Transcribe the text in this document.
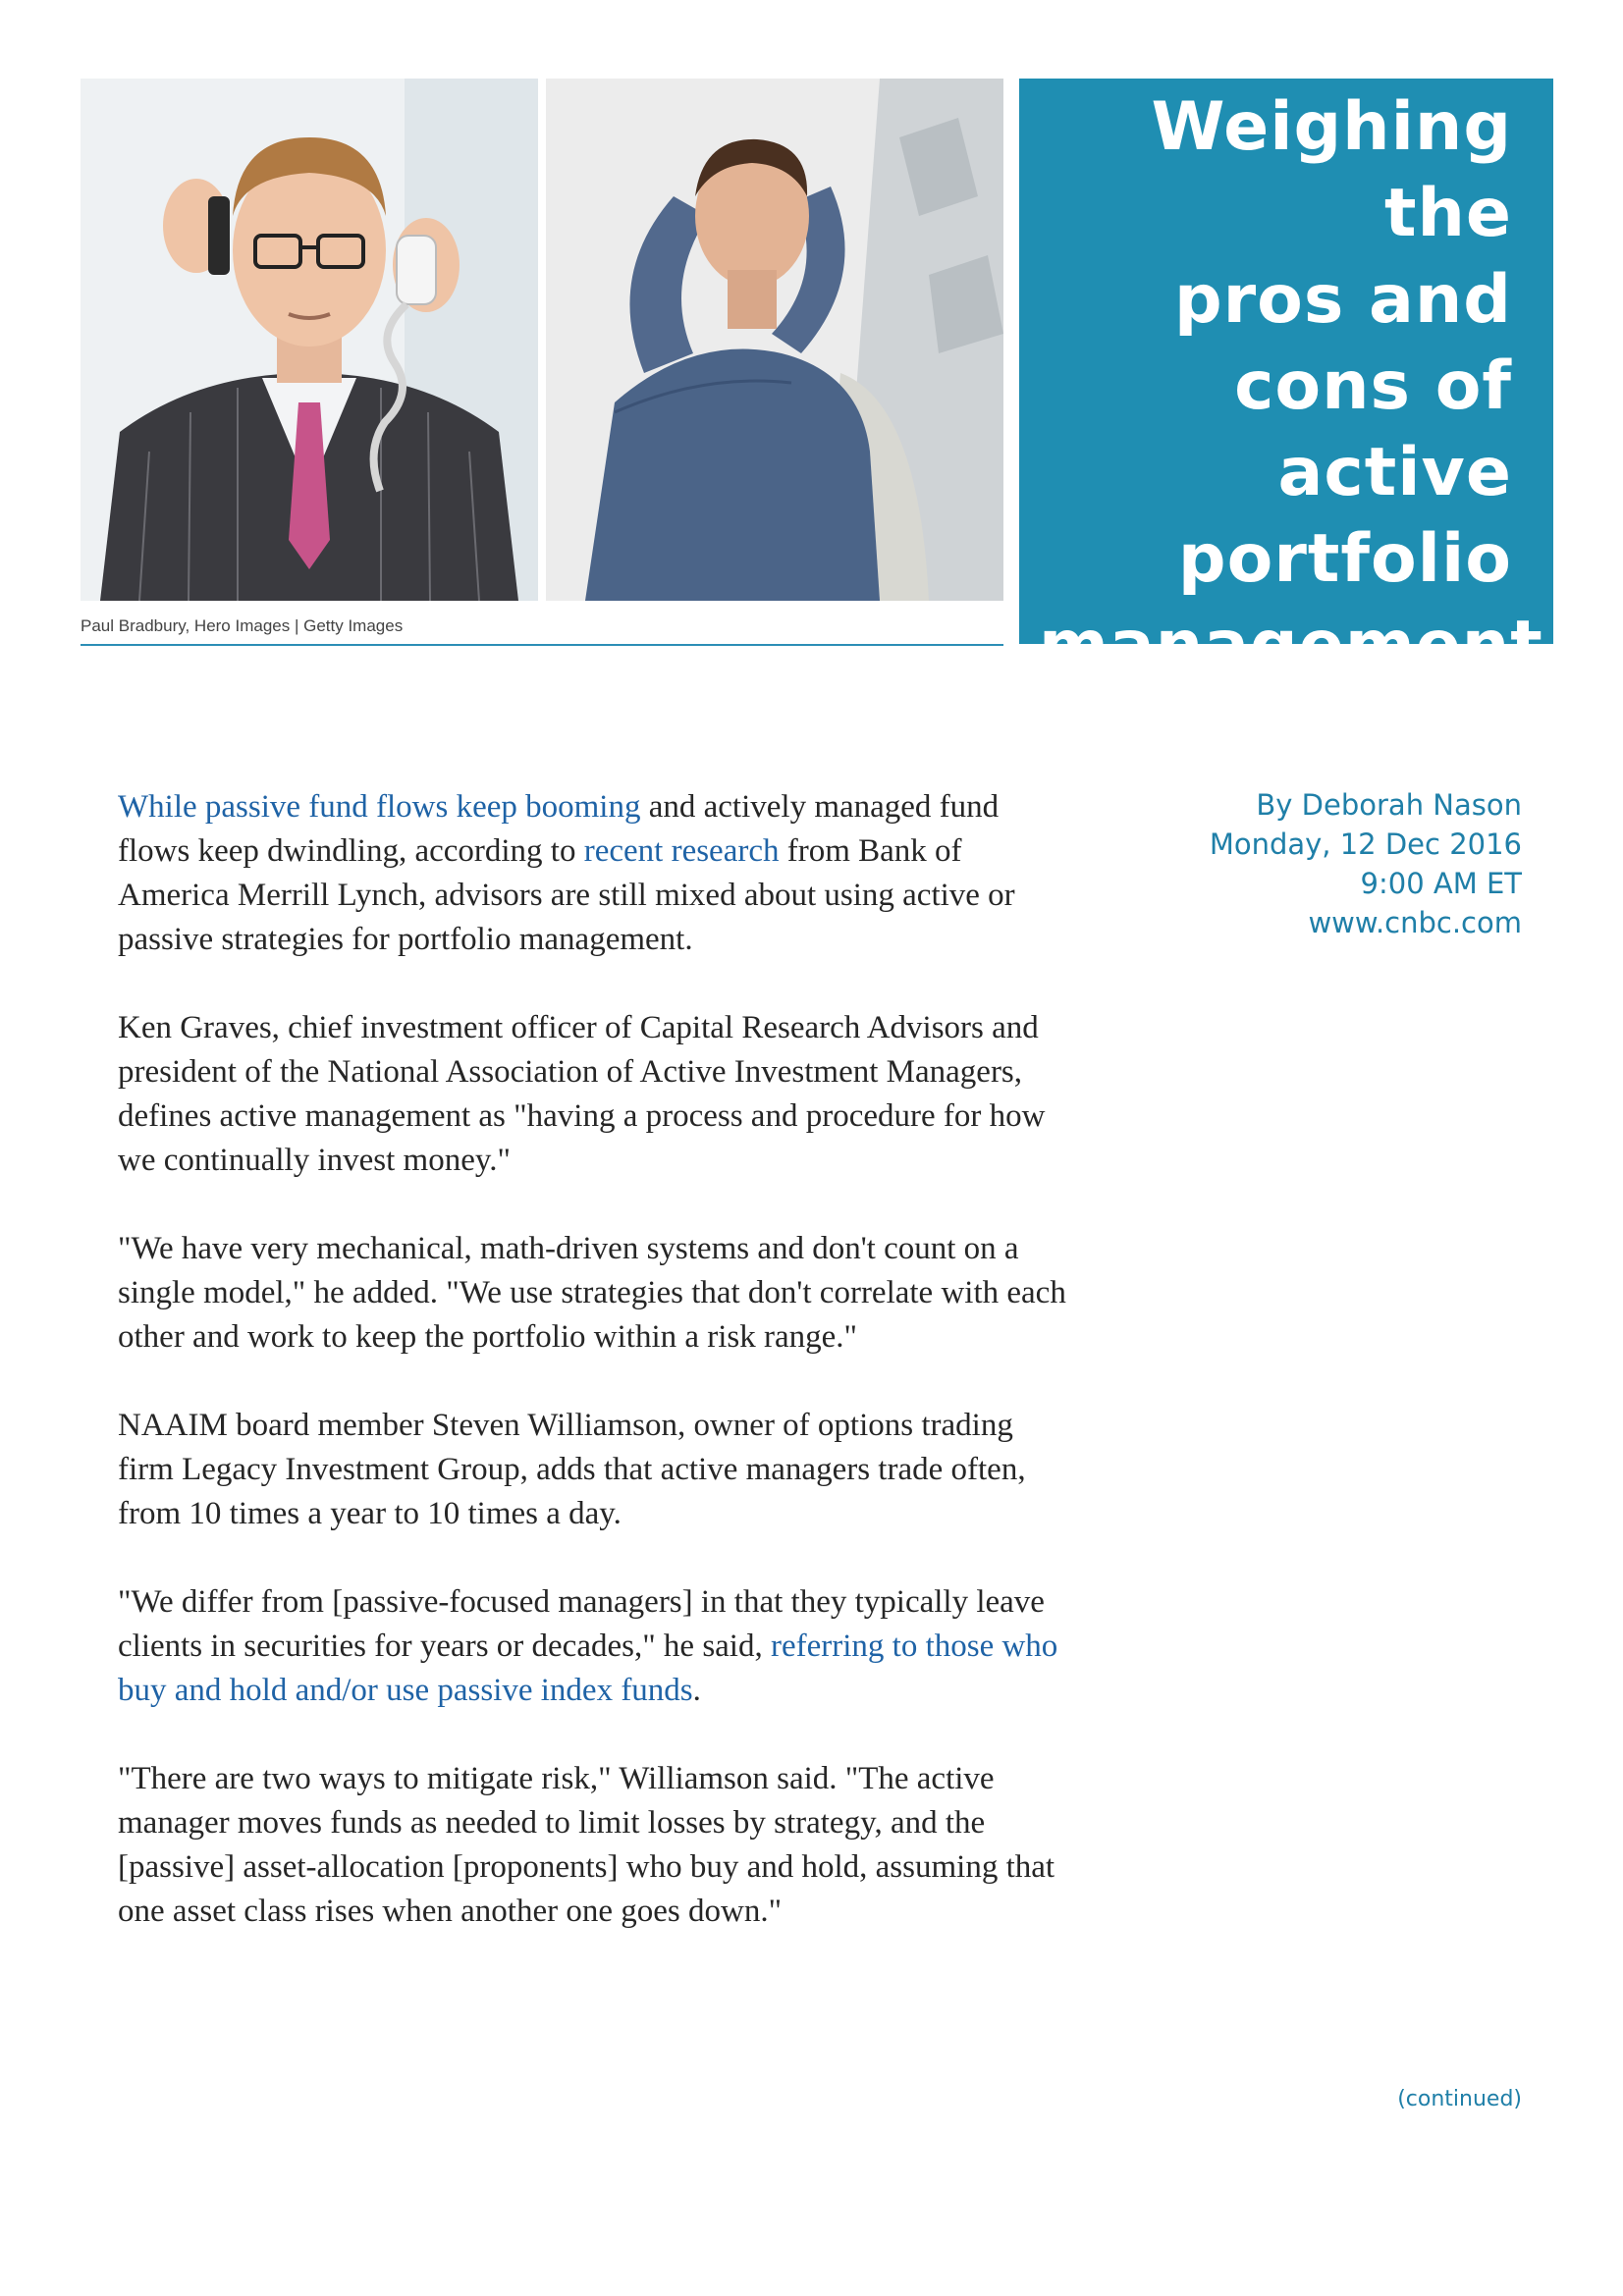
Paul Bradbury, Hero Images | Getty Images
Weighing the
pros and
cons of
active
portfolio
management
By Deborah Nason
Monday, 12 Dec 2016
9:00 AM ET
www.cnbc.com

While passive fund flows keep booming and actively managed fund flows keep dwindling, according to recent research from Bank of America Merrill Lynch, advisors are still mixed about using active or passive strategies for portfolio management.

Ken Graves, chief investment officer of Capital Research Advisors and president of the National Association of Active Investment Managers, defines active management as "having a process and procedure for how we continually invest money."

"We have very mechanical, math-driven systems and don't count on a single model," he added. "We use strategies that don't correlate with each other and work to keep the portfolio within a risk range."

NAAIM board member Steven Williamson, owner of options trading firm Legacy Investment Group, adds that active managers trade often, from 10 times a year to 10 times a day.

"We differ from [passive-focused managers] in that they typically leave clients in securities for years or decades," he said, referring to those who buy and hold and/or use passive index funds.

"There are two ways to mitigate risk," Williamson said. "The active manager moves funds as needed to limit losses by strategy, and the [passive] asset-allocation [proponents] who buy and hold, assuming that one asset class rises when another one goes down."

(continued)
